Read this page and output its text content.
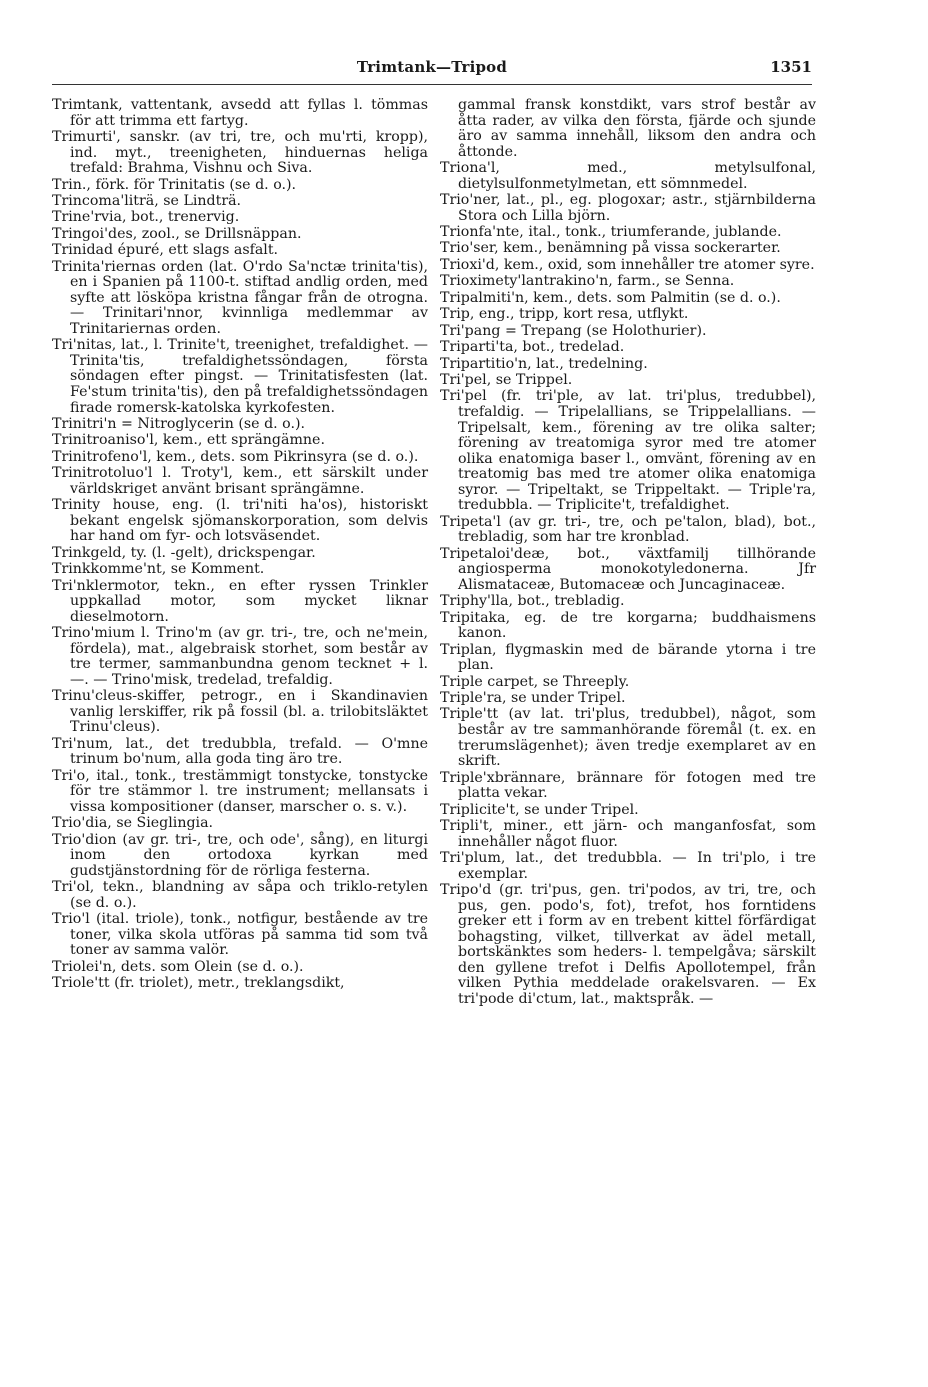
Trimtank—Tripod	1351

Trimtank, vattentank, avsedd att fyllas l. tömmas för att trimma ett fartyg.

Trimurti', sanskr. (av tri, tre, och mu'rti, kropp), ind. myt., treenigheten, hinduernas heliga trefald: Brahma, Vishnu och Siva.

Trin., förk. för Trinitatis (se d. o.).

Trincoma'liträ, se Lindträ.

Trine'rvia, bot., trenervig.

Tringoi'des, zool., se Drillsnäppan.

Trinidad épuré, ett slags asfalt.

Trinita'riernas orden (lat. O'rdo Sa'nctæ trinita'tis), en i Spanien på 1100-t. stiftad andlig orden, med syfte att lösköpa kristna fångar från de otrogna. — Trinitari'nnor, kvinnliga medlemmar av Trinitariernas orden.

Tri'nitas, lat., l. Trinite't, treenighet, trefaldighet. — Trinita'tis, trefaldighetssöndagen, första söndagen efter pingst. — Trinitatisfesten (lat. Fe'stum trinita'tis), den på trefaldighetssöndagen firade romersk-katolska kyrkofesten.

Trinitri'n = Nitroglycerin (se d. o.).

Trinitroaniso'l, kem., ett sprängämne.

Trinitrofeno'l, kem., dets. som Pikrinsyra (se d. o.).

Trinitrotoluo'l l. Troty'l, kem., ett särskilt under världskriget använt brisant sprängämne.

Trinity house, eng. (l. tri'niti ha'os), historiskt bekant engelsk sjömanskorporation, som delvis har hand om fyr- och lotsväsendet.

Trinkgeld, ty. (l. -gelt), drickspengar.

Trinkkomme'nt, se Komment.

Tri'nklermotor, tekn., en efter ryssen Trinkler uppkallad motor, som mycket liknar dieselmotorn.

Trino'mium l. Trino'm (av gr. tri-, tre, och ne'mein, fördela), mat., algebraisk storhet, som består av tre termer, sammanbundna genom tecknet + l. —. — Trino'misk, tredelad, trefaldig.

Trinu'cleus-skiffer, petrogr., en i Skandinavien vanlig lerskiffer, rik på fossil (bl. a. trilobitsläktet Trinu'cleus).

Tri'num, lat., det tredubbla, trefald. — O'mne trinum bo'num, alla goda ting äro tre.

Tri'o, ital., tonk., trestämmigt tonstycke, tonstycke för tre stämmor l. tre instrument; mellansats i vissa kompositioner (danser, marscher o. s. v.).

Trio'dia, se Sieglingia.

Trio'dion (av gr. tri-, tre, och ode', sång), en liturgi inom den ortodoxa kyrkan med gudstjänstordning för de rörliga festerna.

Tri'ol, tekn., blandning av såpa och triklo-retylen (se d. o.).

Trio'l (ital. triole), tonk., notfigur, bestående av tre toner, vilka skola utföras på samma tid som två toner av samma valör.

Triolei'n, dets. som Olein (se d. o.).

Triole'tt (fr. triolet), metr., treklangsdikt,

gammal fransk konstdikt, vars strof består av åtta rader, av vilka den första, fjärde och sjunde äro av samma innehåll, liksom den andra och åttonde.

Triona'l, med., metylsulfonal, dietylsulfonmetylmetan, ett sömnmedel.

Trio'ner, lat., pl., eg. plogoxar; astr., stjärnbilderna Stora och Lilla björn.

Trionfa'nte, ital., tonk., triumferande, jublande.

Trio'ser, kem., benämning på vissa sockerarter.

Trioxi'd, kem., oxid, som innehåller tre atomer syre.

Trioximety'lantrakino'n, farm., se Senna.

Tripalmiti'n, kem., dets. som Palmitin (se d. o.).

Trip, eng., tripp, kort resa, utflykt.

Tri'pang = Trepang (se Holothurier).

Triparti'ta, bot., tredelad.

Tripartitio'n, lat., tredelning.

Tri'pel, se Trippel.

Tri'pel (fr. tri'ple, av lat. tri'plus, tredubbel), trefaldig. — Tripelallians, se Trippelallians. — Tripelsalt, kem., förening av tre olika salter; förening av treatomiga syror med tre atomer olika enatomiga baser l., omvänt, förening av en treatomig bas med tre atomer olika enatomiga syror. — Tripeltakt, se Trippeltakt. — Triple'ra, tredubbla. — Triplicite't, trefaldighet.

Tripeta'l (av gr. tri-, tre, och pe'talon, blad), bot., trebladig, som har tre kronblad.

Tripetaloi'deæ, bot., växtfamilj tillhörande angiosperma monokotyledonerna. Jfr Alismataceæ, Butomaceæ och Juncaginaceæ.

Triphy'lla, bot., trebladig.

Tripitaka, eg. de tre korgarna; buddhaismens kanon.

Triplan, flygmaskin med de bärande ytorna i tre plan.

Triple carpet, se Threeply.

Triple'ra, se under Tripel.

Triple'tt (av lat. tri'plus, tredubbel), något, som består av tre sammanhörande föremål (t. ex. en trerumslägenhet); även tredje exemplaret av en skrift.

Triple'xbrännare, brännare för fotogen med tre platta vekar.

Triplicite't, se under Tripel.

Tripli't, miner., ett järn- och manganfosfat, som innehåller något fluor.

Tri'plum, lat., det tredubbla. — In tri'plo, i tre exemplar.

Tripo'd (gr. tri'pus, gen. tri'podos, av tri, tre, och pus, gen. podo's, fot), trefot, hos forntidens greker ett i form av en trebent kittel förfärdigat bohagsting, vilket, tillverkat av ädel metall, bortskänktes som heders- l. tempelgåva; särskilt den gyllene trefot i Delfis Apollotempel, från vilken Pythia meddelade orakelsvaren. — Ex tri'pode di'ctum, lat., maktspråk. —
